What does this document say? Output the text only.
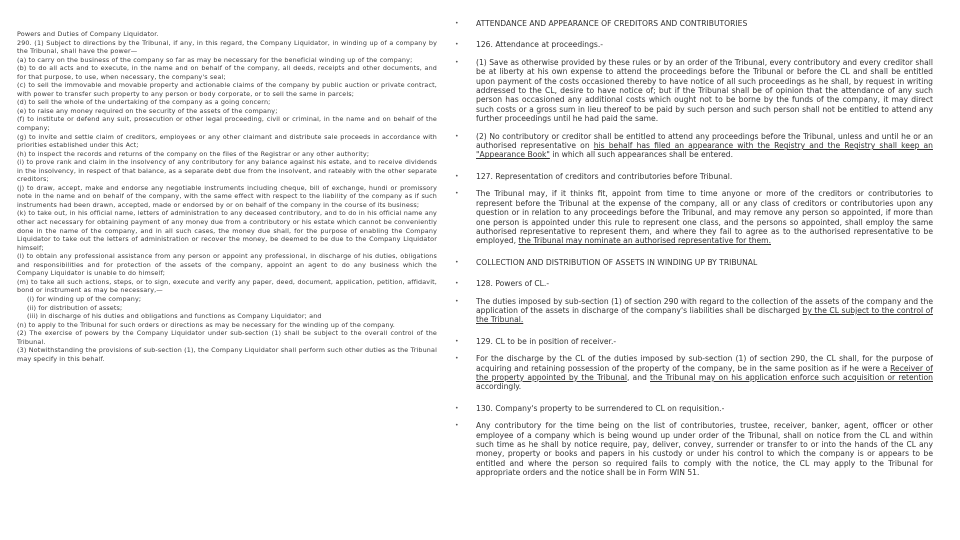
Powers and Duties of Company Liquidator.
290. (1) Subject to directions by the Tribunal, if any, in this regard, the Company Liquidator, in winding up of a company by the Tribunal, shall have the power—
(a) to carry on the business of the company so far as may be necessary for the beneficial winding up of the company;
(b) to do all acts and to execute, in the name and on behalf of the company, all deeds, receipts and other documents, and for that purpose, to use, when necessary, the company's seal;
(c) to sell the immovable and movable property and actionable claims of the company by public auction or private contract, with power to transfer such property to any person or body corporate, or to sell the same in parcels;
(d) to sell the whole of the undertaking of the company as a going concern;
(e) to raise any money required on the security of the assets of the company;
(f) to institute or defend any suit, prosecution or other legal proceeding, civil or criminal, in the name and on behalf of the company;
(g) to invite and settle claim of creditors, employees or any other claimant and distribute sale proceeds in accordance with priorities established under this Act;
(h) to inspect the records and returns of the company on the files of the Registrar or any other authority;
(i) to prove rank and claim in the insolvency of any contributory for any balance against his estate, and to receive dividends in the insolvency, in respect of that balance, as a separate debt due from the insolvent, and rateably with the other separate creditors;
(j) to draw, accept, make and endorse any negotiable instruments including cheque, bill of exchange, hundi or promissory note in the name and on behalf of the company, with the same effect with respect to the liability of the company as if such instruments had been drawn, accepted, made or endorsed by or on behalf of the company in the course of its business;
(k) to take out, in his official name, letters of administration to any deceased contributory, and to do in his official name any other act necessary for obtaining payment of any money due from a contributory or his estate which cannot be conveniently done in the name of the company, and in all such cases, the money due shall, for the purpose of enabling the Company Liquidator to take out the letters of administration or recover the money, be deemed to be due to the Company Liquidator himself;
(l) to obtain any professional assistance from any person or appoint any professional, in discharge of his duties, obligations and responsibilities and for protection of the assets of the company, appoint an agent to do any business which the Company Liquidator is unable to do himself;
(m) to take all such actions, steps, or to sign, execute and verify any paper, deed, document, application, petition, affidavit, bond or instrument as may be necessary,—
(i) for winding up of the company;
(ii) for distribution of assets;
(iii) in discharge of his duties and obligations and functions as Company Liquidator; and
(n) to apply to the Tribunal for such orders or directions as may be necessary for the winding up of the company.
(2) The exercise of powers by the Company Liquidator under sub-section (1) shall be subject to the overall control of the Tribunal.
(3) Notwithstanding the provisions of sub-section (1), the Company Liquidator shall perform such other duties as the Tribunal may specify in this behalf.
• ATTENDANCE AND APPEARANCE OF CREDITORS AND CONTRIBUTORIES
• 126. Attendance at proceedings.-
• (1) Save as otherwise provided by these rules or by an order of the Tribunal, every contributory and every creditor shall be at liberty at his own expense to attend the proceedings before the Tribunal or before the CL and shall be entitled upon payment of the costs occasioned thereby to have notice of all such proceedings as he shall, by request in writing addressed to the CL, desire to have notice of; but if the Tribunal shall be of opinion that the attendance of any such person has occasioned any additional costs which ought not to be borne by the funds of the company, it may direct such costs or a gross sum in lieu thereof to be paid by such person and such person shall not be entitled to attend any further proceedings until he had paid the same.
• (2) No contributory or creditor shall be entitled to attend any proceedings before the Tribunal, unless and until he or an authorised representative on his behalf has filed an appearance with the Registry and the Registry shall keep an "Appearance Book" in which all such appearances shall be entered.
• 127. Representation of creditors and contributories before Tribunal.
• The Tribunal may, if it thinks fit, appoint from time to time anyone or more of the creditors or contributories to represent before the Tribunal at the expense of the company, all or any class of creditors or contributories upon any question or in relation to any proceedings before the Tribunal, and may remove any person so appointed, if more than one person is appointed under this rule to represent one class, and the persons so appointed, shall employ the same authorised representative to represent them, and where they fail to agree as to the authorised representative to be employed, the Tribunal may nominate an authorised representative for them.
• COLLECTION AND DISTRIBUTION OF ASSETS IN WINDING UP BY TRIBUNAL
• 128. Powers of CL.-
• The duties imposed by sub-section (1) of section 290 with regard to the collection of the assets of the company and the application of the assets in discharge of the company's liabilities shall be discharged by the CL subject to the control of the Tribunal.
• 129. CL to be in position of receiver.-
• For the discharge by the CL of the duties imposed by sub-section (1) of section 290, the CL shall, for the purpose of acquiring and retaining possession of the property of the company, be in the same position as if he were a Receiver of the property appointed by the Tribunal, and the Tribunal may on his application enforce such acquisition or retention accordingly.
• 130. Company's property to be surrendered to CL on requisition.-
• Any contributory for the time being on the list of contributories, trustee, receiver, banker, agent, officer or other employee of a company which is being wound up under order of the Tribunal, shall on notice from the CL and within such time as he shall by notice require, pay, deliver, convey, surrender or transfer to or into the hands of the CL any money, property or books and papers in his custody or under his control to which the company is or appears to be entitled and where the person so required fails to comply with the notice, the CL may apply to the Tribunal for appropriate orders and the notice shall be in Form WIN 51.
